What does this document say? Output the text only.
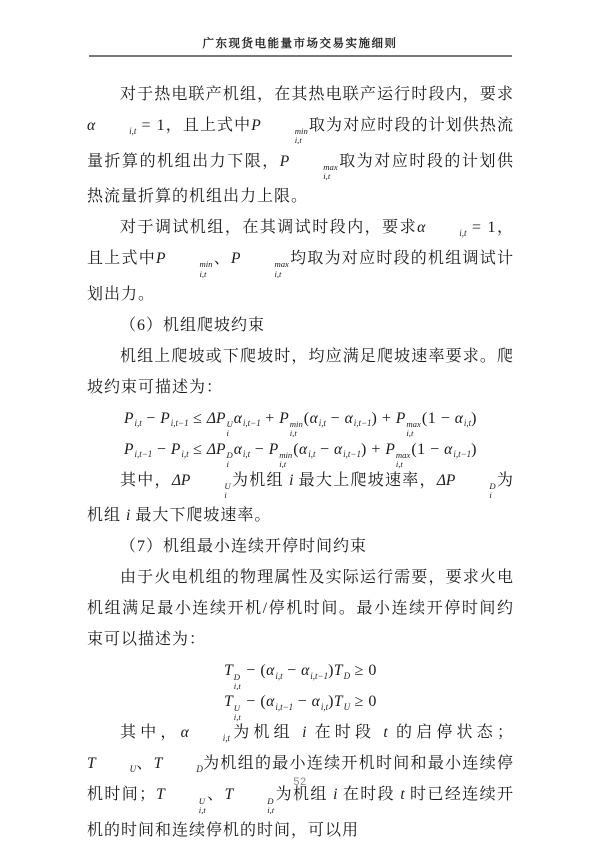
广东现货电能量市场交易实施细则

对于热电联产机组，在其热电联产运行时段内，要求α	i,t = 1，且上式中P	min
i,t
取为对应时段的计划供热流量折算的机组出力下限，P	max
i,t
取为对应时段的计划供热流量折算的机组出力上限。

对于调试机组，在其调试时段内，要求α	i,t = 1，且上式中P	min
i,t
、P	max
i,t
均取为对应时段的机组调试计划出力。

（6）机组爬坡约束

机组上爬坡或下爬坡时，均应满足爬坡速率要求。爬坡约束可描述为：

Pi,t − Pi,t−1 ≤ ΔP U
i
αi,t−1 + P min
i,t
(αi,t − αi,t−1) + P max
i,t
(1 − αi,t)

Pi,t−1 − Pi,t ≤ ΔP D
i
αi,t − P min
i,t
(αi,t − αi,t−1) + P max
i,t
(1 − αi,t−1)

其中，ΔP	U
i
为机组 i 最大上爬坡速率，ΔP	D
i
为机组 i 最大下爬坡速率。

（7）机组最小连续开停时间约束

由于火电机组的物理属性及实际运行需要，要求火电机组满足最小连续开机/停机时间。最小连续开停时间约束可以描述为：

T D
i,t
− (αi,t − αi,t−1)TD ≥ 0

T U
i,t
− (αi,t−1 − αi,t)TU ≥ 0

其中，α	i,t为机组 i 在时段 t 的启停状态；T	U、T	D为机组的最小连续开机时间和最小连续停机时间；T	U
i,t
、T	D
i,t
为机组 i 在时段 t 时已经连续开机的时间和连续停机的时间，可以用

52
